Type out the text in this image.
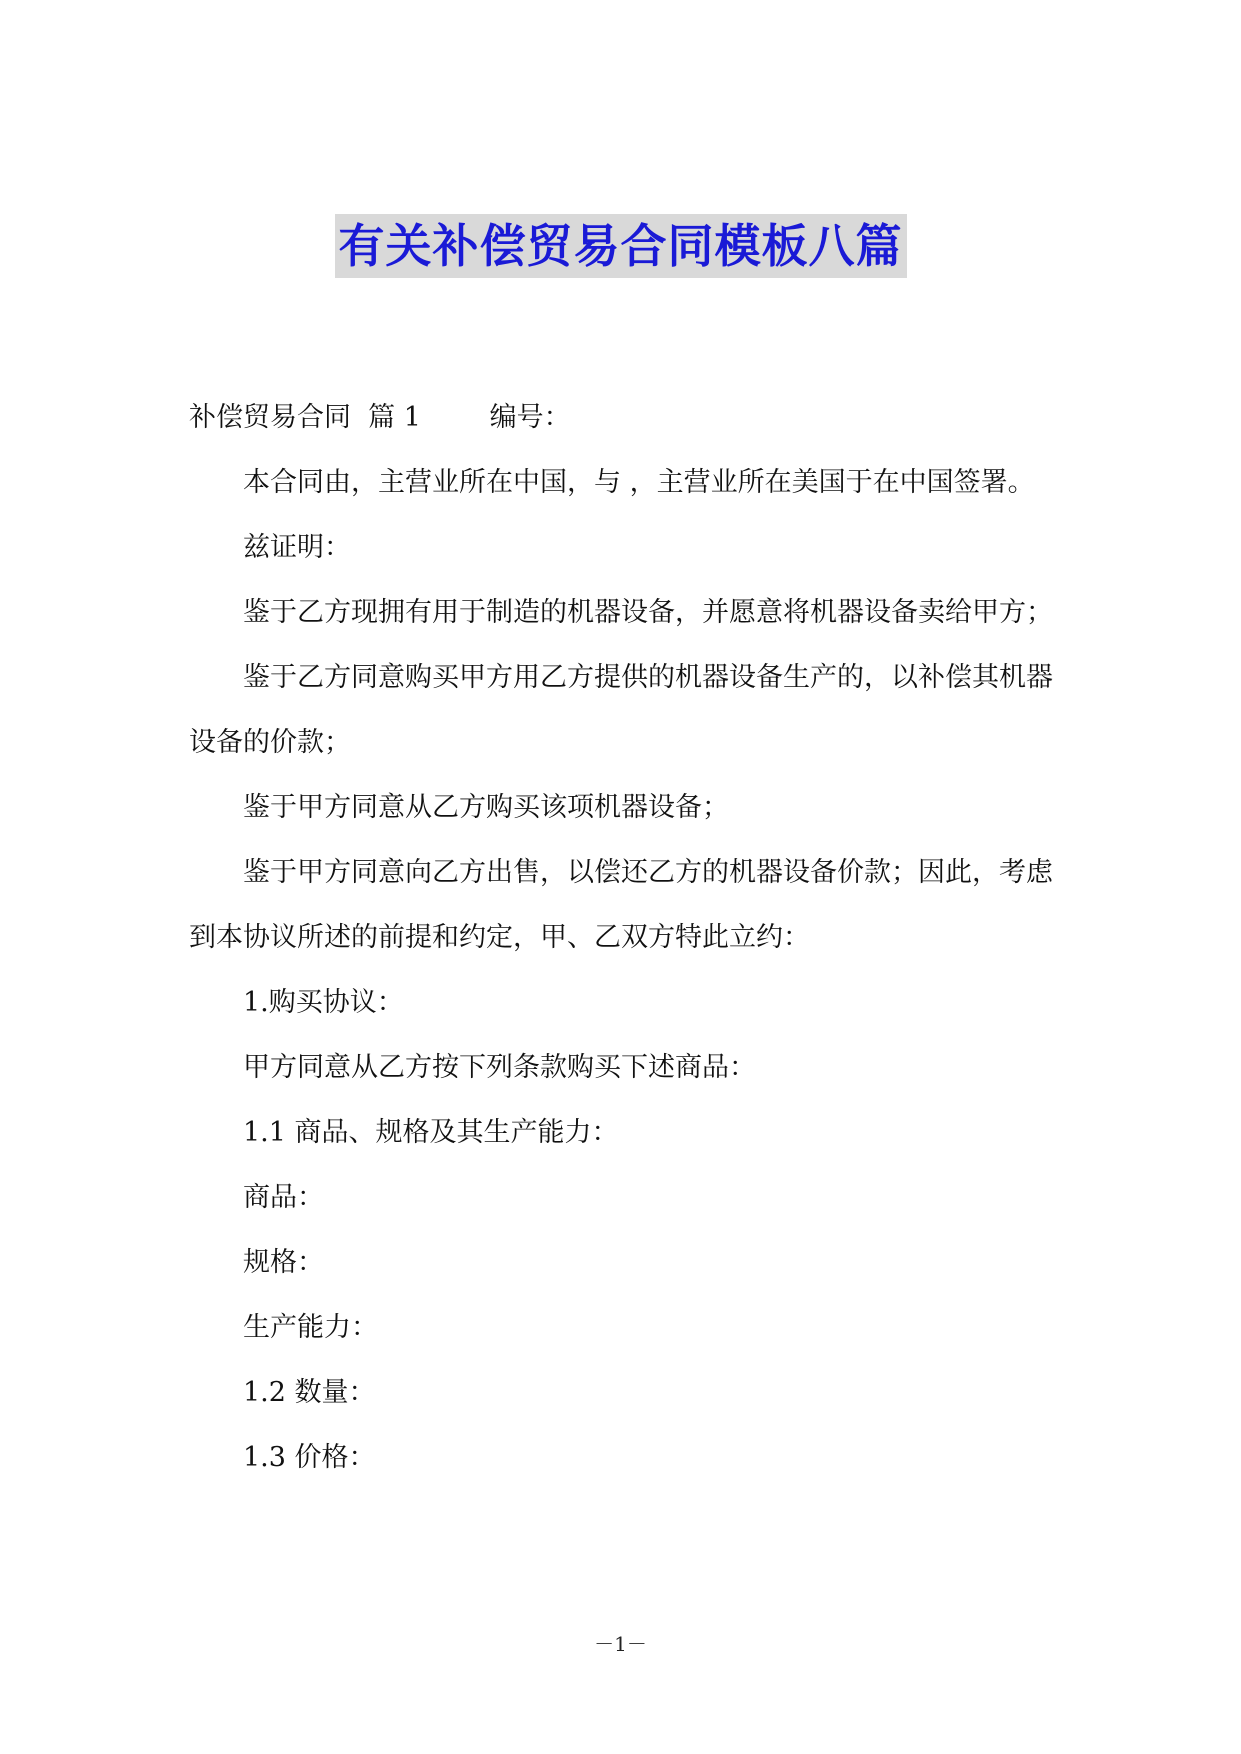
有关补偿贸易合同模板八篇

补偿贸易合同  篇 1	编号：

本合同由，主营业所在中国，与 ，主营业所在美国于在中国签署。

兹证明：

鉴于乙方现拥有用于制造的机器设备，并愿意将机器设备卖给甲方；

鉴于乙方同意购买甲方用乙方提供的机器设备生产的，以补偿其机器设备的价款；

鉴于甲方同意从乙方购买该项机器设备；

鉴于甲方同意向乙方出售，以偿还乙方的机器设备价款；因此，考虑到本协议所述的前提和约定，甲、乙双方特此立约：

1.购买协议：

甲方同意从乙方按下列条款购买下述商品：

1.1 商品、规格及其生产能力：

商品：

规格：

生产能力：

1.2 数量：

1.3 价格：

－1－
